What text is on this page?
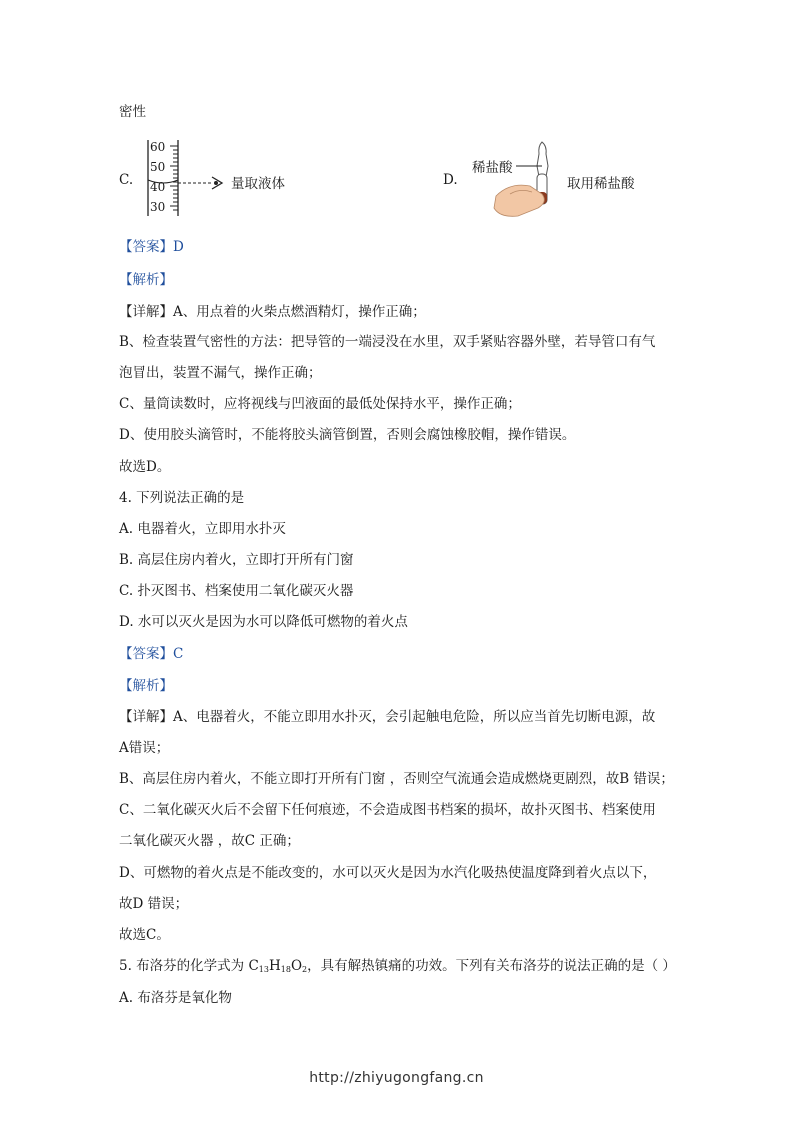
密性
C.
60
50
40
30
量取液体	D.
稀盐酸
取用稀盐酸
【答案】D
【解析】
【详解】A、用点着的火柴点燃酒精灯，操作正确；
B、检查装置气密性的方法：把导管的一端浸没在水里，双手紧贴容器外壁，若导管口有气
泡冒出，装置不漏气，操作正确；
C、量筒读数时，应将视线与凹液面的最低处保持水平，操作正确；
D、使用胶头滴管时，不能将胶头滴管倒置，否则会腐蚀橡胶帽，操作错误。
故选D。
4. 下列说法正确的是
A. 电器着火，立即用水扑灭
B. 高层住房内着火，立即打开所有门窗
C. 扑灭图书、档案使用二氧化碳灭火器
D. 水可以灭火是因为水可以降低可燃物的着火点
【答案】C
【解析】
【详解】A、电器着火，不能立即用水扑灭，会引起触电危险，所以应当首先切断电源，故
A错误；
B、高层住房内着火，不能立即打开所有门窗 ，否则空气流通会造成燃烧更剧烈，故B 错误；
C、二氧化碳灭火后不会留下任何痕迹，不会造成图书档案的损坏，故扑灭图书、档案使用
二氧化碳灭火器 ，故C 正确；
D、可燃物的着火点是不能改变的，水可以灭火是因为水汽化吸热使温度降到着火点以下，
故D 错误；
故选C。
5. 布洛芬的化学式为 $C_{13}H_{18}O_2$，具有解热镇痛的功效。下列有关布洛芬的说法正确的是（ ）
A. 布洛芬是氧化物
http://zhiyugongfang.cn
